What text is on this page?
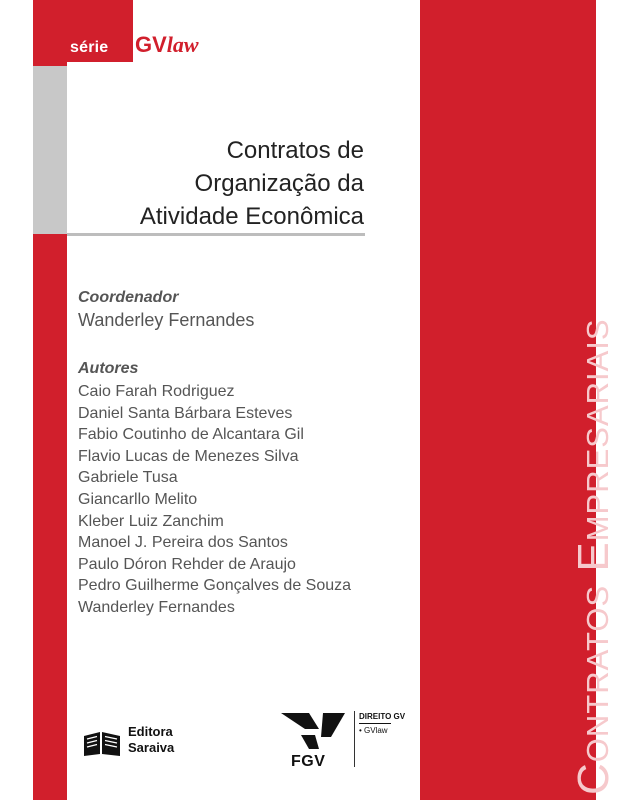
série GVlaw
Contratos Empresariais
Contratos de
Organização da
Atividade Econômica
Coordenador
Wanderley Fernandes
Autores
Caio Farah Rodriguez
Daniel Santa Bárbara Esteves
Fabio Coutinho de Alcantara Gil
Flavio Lucas de Menezes Silva
Gabriele Tusa
Giancarllo Melito
Kleber Luiz Zanchim
Manoel J. Pereira dos Santos
Paulo Dóron Rehder de Araujo
Pedro Guilherme Gonçalves de Souza
Wanderley Fernandes
Editora
Saraiva
FGV
DIREITO GV
• GVlaw
